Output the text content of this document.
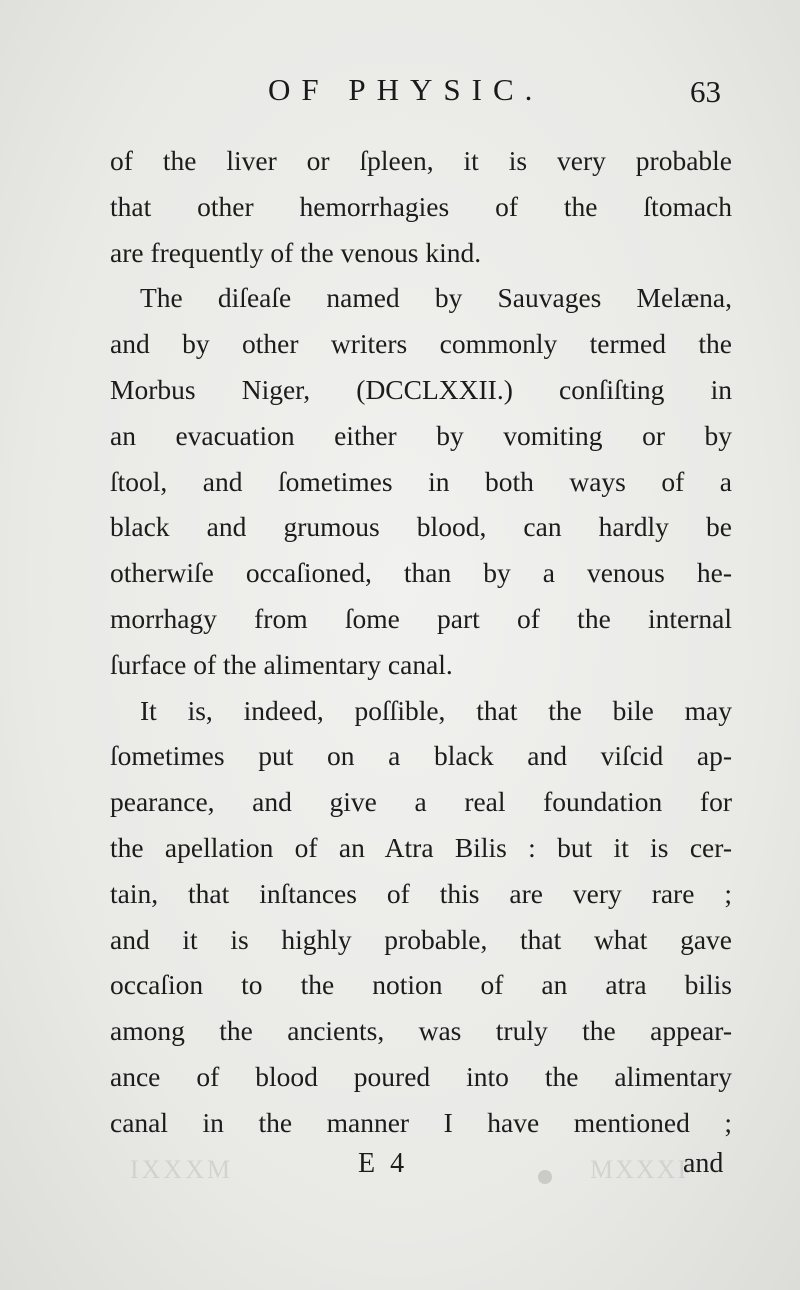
OF PHYSIC.	63
of the liver or ſpleen, it is very probable
that other hemorrhagies of the ſtomach
are frequently of the venous kind.
The diſeaſe named by Sauvages Melæna,
and by other writers commonly termed the
Morbus Niger, (DCCLXXII.) conſiſting in
an evacuation either by vomiting or by
ſtool, and ſometimes in both ways of a
black and grumous blood, can hardly be
otherwiſe occaſioned, than by a venous he-
morrhagy from ſome part of the internal
ſurface of the alimentary canal.
It is, indeed, poſſible, that the bile may
ſometimes put on a black and viſcid ap-
pearance, and give a real foundation for
the apellation of an Atra Bilis : but it is cer-
tain, that inſtances of this are very rare ;
and it is highly probable, that what gave
occaſion to the notion of an atra bilis
among the ancients, was truly the appear-
ance of blood poured into the alimentary
canal in the manner I have mentioned ;
IXXXM	MXXXI
E 4	and
